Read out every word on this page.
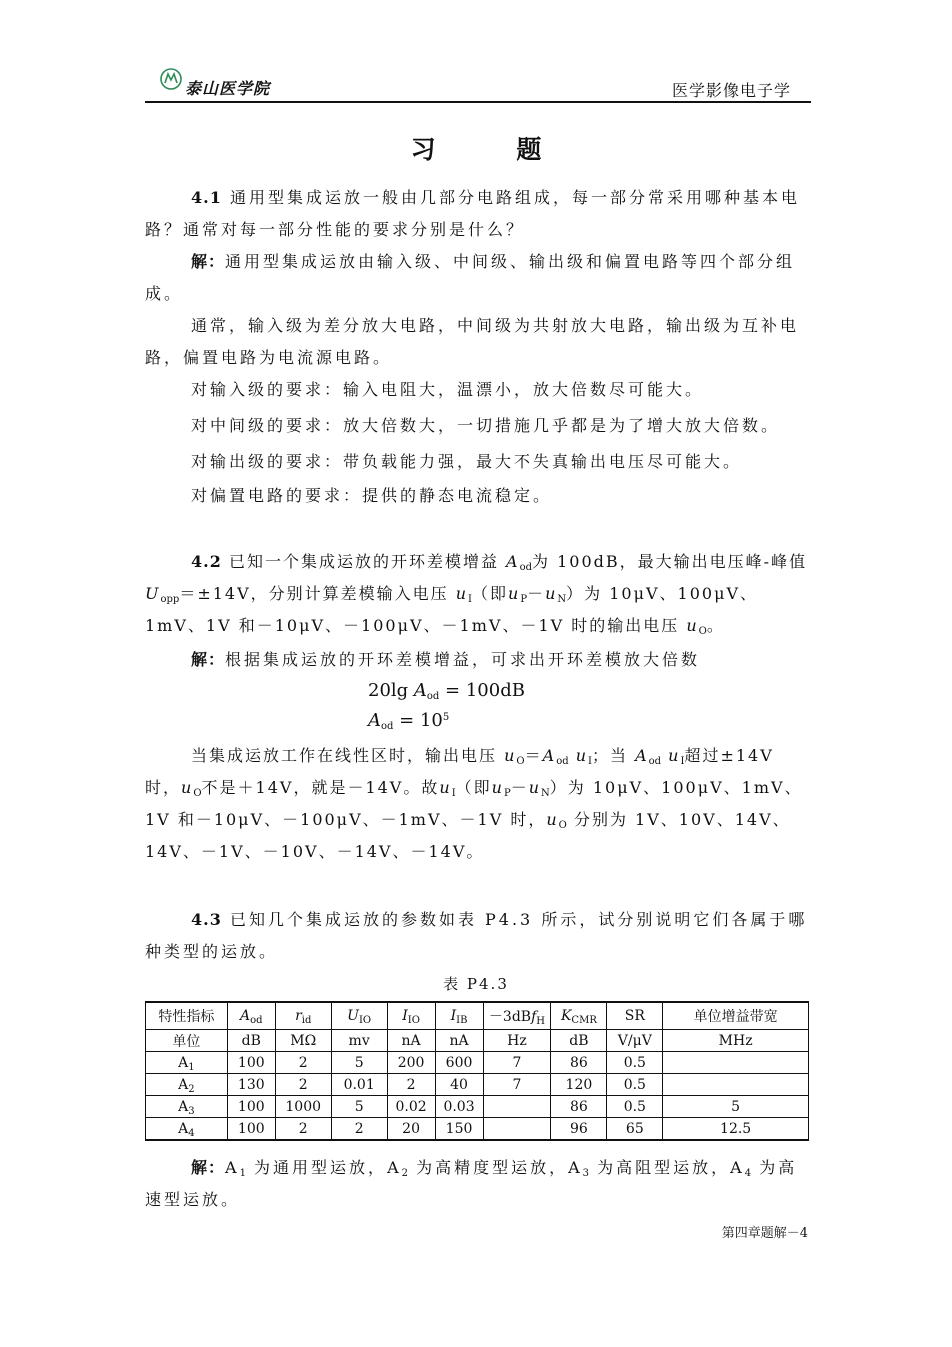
泰山医学院	医学影像电子学
习 题

4.1 通用型集成运放一般由几部分电路组成，每一部分常采用哪种基本电路？通常对每一部分性能的要求分别是什么？

解：通用型集成运放由输入级、中间级、输出级和偏置电路等四个部分组成。

通常，输入级为差分放大电路，中间级为共射放大电路，输出级为互补电路，偏置电路为电流源电路。

对输入级的要求：输入电阻大，温漂小，放大倍数尽可能大。

对中间级的要求：放大倍数大，一切措施几乎都是为了增大放大倍数。

对输出级的要求：带负载能力强，最大不失真输出电压尽可能大。

对偏置电路的要求：提供的静态电流稳定。

4.2 已知一个集成运放的开环差模增益 $A_{od}$为 100dB，最大输出电压峰-峰值 $U_{opp}=\pm 14V$，分别计算差模输入电压 $u_I$（即$u_P-u_N$）为 10μV、100μV、1mV、1V 和－10μV、－100μV、－1mV、－1V 时的输出电压 $u_O$。

解：根据集成运放的开环差模增益，可求出开环差模放大倍数

20lg $A_{od} = 100dB$
$A_{od} = 10^5$

当集成运放工作在线性区时，输出电压 $u_O=A_{od}$ $u_I$；当 $A_{od}$ $u_I$超过±14V 时，$u_O$不是＋14V，就是－14V。故$u_I$（即$u_P-u_N$）为 10μV、100μV、1mV、1V 和－10μV、－100μV、－1mV、－1V 时，$u_O$ 分别为 1V、10V、14V、14V、－1V、－10V、－14V、－14V。

4.3 已知几个集成运放的参数如表 P4.3 所示，试分别说明它们各属于哪种类型的运放。

表 P4.3
特性指标	$A_{od}$	$r_{id}$	$U_{IO}$	$I_{IO}$	$I_{IB}$	－3dBf$_H$	$K_{CMR}$	SR	单位增益带宽
单位	dB	MΩ	mv	nA	nA	Hz	dB	V/μV	MHz
$A_1$	100	2	5	200	600	7	86	0.5	
$A_2$	130	2	0.01	2	40	7	120	0.5	
$A_3$	100	1000	5	0.02	0.03		86	0.5	5
$A_4$	100	2	2	20	150		96	65	12.5

解：$A_1$ 为通用型运放，$A_2$ 为高精度型运放，$A_3$ 为高阻型运放，$A_4$ 为高速型运放。

第四章题解－4
